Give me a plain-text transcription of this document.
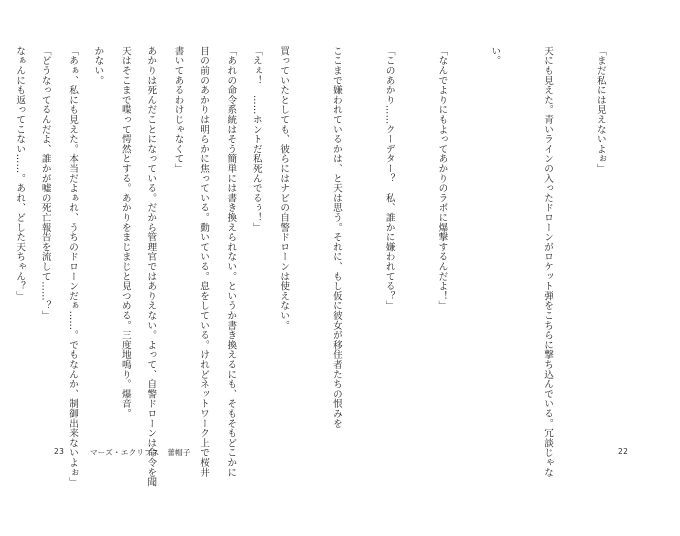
「えぇ！　……ホントだ私死んでるぅ！」

目の前のあかりは明らかに焦っている。動いている。息をしている。けれどネットワーク上で桜井

あかりは死んだことになっている。だから管理官ではありえない。よって、自警ドローンは命令を聞

かない。

「どうなってるんだよ、誰かが嘘の死亡報告を流して……？」

23	マーズ・エクリプス　蕾帽子

「まだ私には見えないよぉ」

天にも見えた。青いラインの入ったドローンがロケット弾をこちらに撃ち込んでいる。冗談じゃな

い。

「なんでよりにもよってあかりのラボに爆撃するんだよ！」

「このあかり……クーデター？　私、誰かに嫌われてる？」

ここまで嫌われているかは、と天は思う。それに、もし仮に彼女が移住者たちの恨みを

買っていたとしても、彼らにはナビの自警ドローンは使えない。

「あれの命令系統はそう簡単には書き換えられない。というか書き換えるにも、そもそもどこかに

書いてあるわけじゃなくて」

天はそこまで喋って愕然とする。あかりをまじまじと見つめる。三度地鳴り。爆音。

「あぁ、私にも見えた。本当だよぁれ、うちのドローンだぁ……。でもなんか、制御出来ないよぉ」

なぁんにも返ってこない……。あれ、どした天ちゃん？」

22
